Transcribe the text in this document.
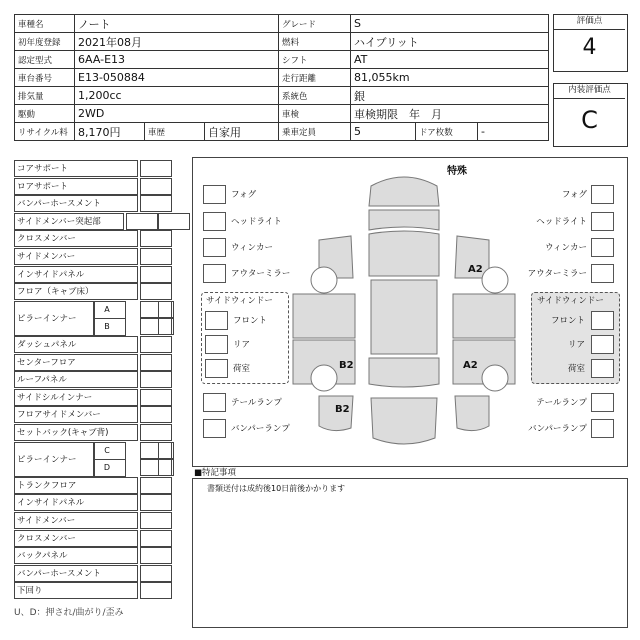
車種名	ノート			グレード	S		
初年度登録	2021年08月			燃料	ハイブリット		
認定型式	6AA-E13			シフト	AT		
車台番号	E13-050884			走行距離	81,055km		
排気量	1,200cc			系統色	銀		
駆動	2WD			車検	車検期限　年　月		
リサイクル料	8,170円	車歴	自家用	乗車定員	5	ドア枚数	-
評価点
4
内装評価点
C
コアサポート
ロアサポート
バンパーホースメント
サイドメンバー突起部
クロスメンバー
サイドメンバー
インサイドパネル
フロア（キャブ床）
ピラーインナー
A
B
ダッシュパネル
センターフロア
ルーフパネル
サイドシルインナー
フロアサイドメンバー
セットバック(キャブ背)
ピラーインナー
C
D
トランクフロア
インサイドパネル
サイドメンバー
クロスメンバー
バックパネル
バンパーホースメント
下回り
U、D：押され/曲がり/歪み
特殊
フォグ
ヘッドライト
ウィンカー
アウターミラー
サイドウィンドー
フロント
リア
荷室
テールランプ
バンパーランプ
フォグ
ヘッドライト
ウィンカー
アウターミラー
サイドウィンドー
フロント
リア
荷室
テールランプ
バンパーランプ
A2
A2
B2
B2
■特記事項
書類送付は成約後10日前後かかります
